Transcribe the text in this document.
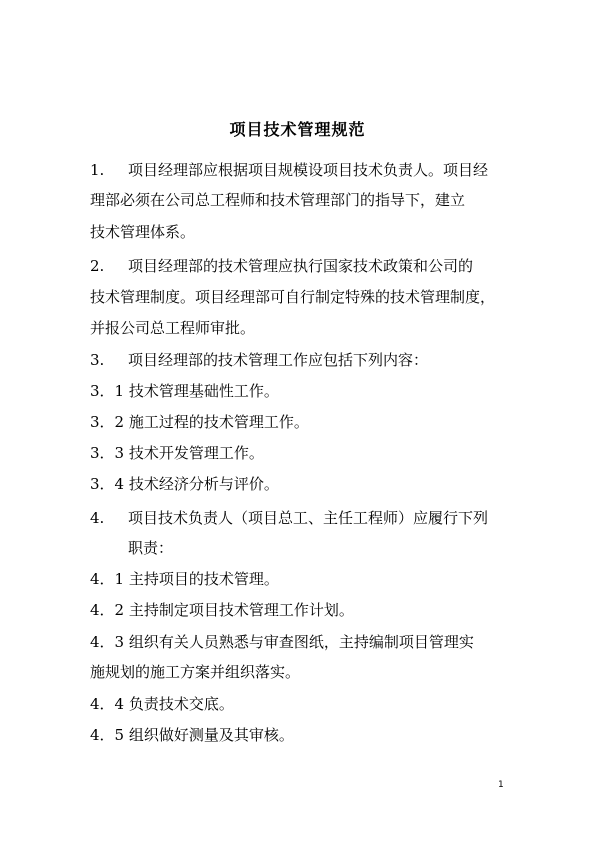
项目技术管理规范
1. 项目经理部应根据项目规模设项目技术负责人。项目经
理部必须在公司总工程师和技术管理部门的指导下，建立
技术管理体系。
2. 项目经理部的技术管理应执行国家技术政策和公司的
技术管理制度。项目经理部可自行制定特殊的技术管理制度，
并报公司总工程师审批。
3. 项目经理部的技术管理工作应包括下列内容：
3．1 技术管理基础性工作。
3．2 施工过程的技术管理工作。
3．3 技术开发管理工作。
3．4 技术经济分析与评价。
4. 项目技术负责人（项目总工、主任工程师）应履行下列
职责：
4．1 主持项目的技术管理。
4．2 主持制定项目技术管理工作计划。
4．3 组织有关人员熟悉与审查图纸，主持编制项目管理实
施规划的施工方案并组织落实。
4．4 负责技术交底。
4．5 组织做好测量及其审核。
1
